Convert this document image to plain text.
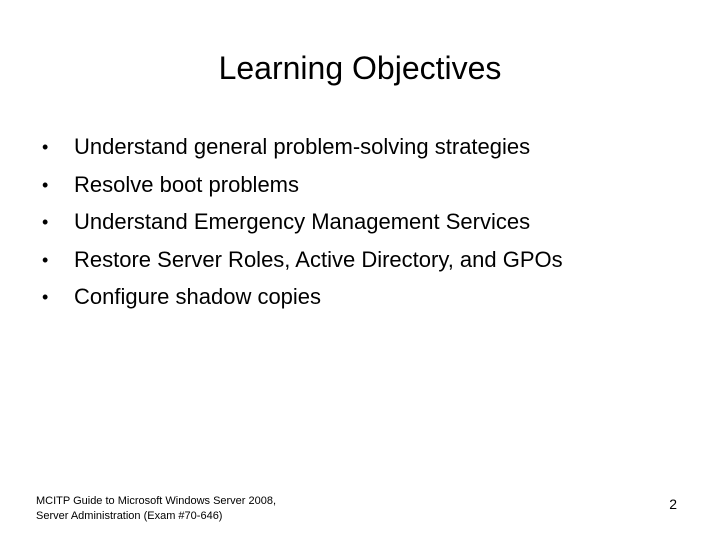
Learning Objectives
• Understand general problem-solving strategies
• Resolve boot problems
• Understand Emergency Management Services
• Restore Server Roles, Active Directory, and GPOs
• Configure shadow copies
MCITP Guide to Microsoft Windows Server 2008,
Server Administration (Exam #70-646)
2
